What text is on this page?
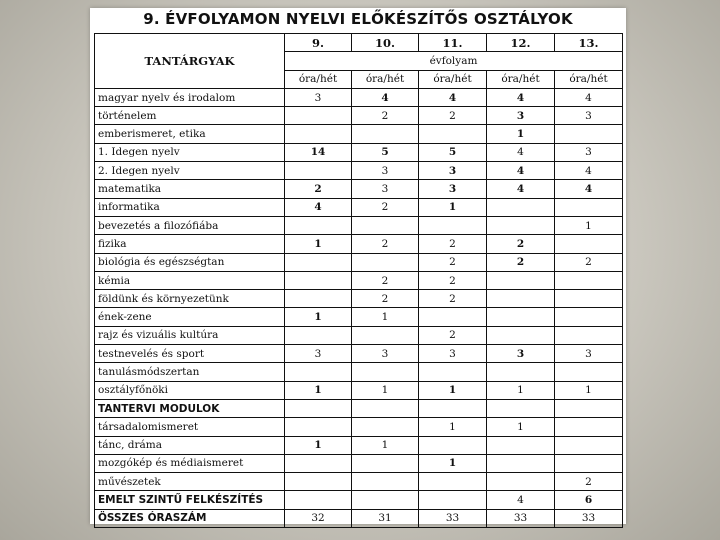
9. ÉVFOLYAMON NYELVI ELŐKÉSZÍTŐS OSZTÁLYOK
TANTÁRGYAK	9.	10.	11.	12.	13.
	évfolyam				
	óra/hét	óra/hét	óra/hét	óra/hét	óra/hét
magyar nyelv és irodalom	3	4	4	4	4
történelem		2	2	3	3
emberismeret, etika				1	
1. Idegen nyelv	14	5	5	4	3
2. Idegen nyelv		3	3	4	4
matematika	2	3	3	4	4
informatika	4	2	1		
bevezetés a filozófiába					1
fizika	1	2	2	2	
biológia és egészségtan			2	2	2
kémia		2	2		
földünk és környezetünk		2	2		
ének-zene	1	1			
rajz és vizuális kultúra			2		
testnevelés és sport	3	3	3	3	3
tanulásmódszertan					
osztályfőnöki	1	1	1	1	1
TANTERVI MODULOK					
társadalomismeret			1	1	
tánc, dráma	1	1			
mozgókép és médiaismeret			1		
művészetek					2
EMELT SZINTŰ FELKÉSZÍTÉS				4	6
ÖSSZES ÓRASZÁM	32	31	33	33	33
